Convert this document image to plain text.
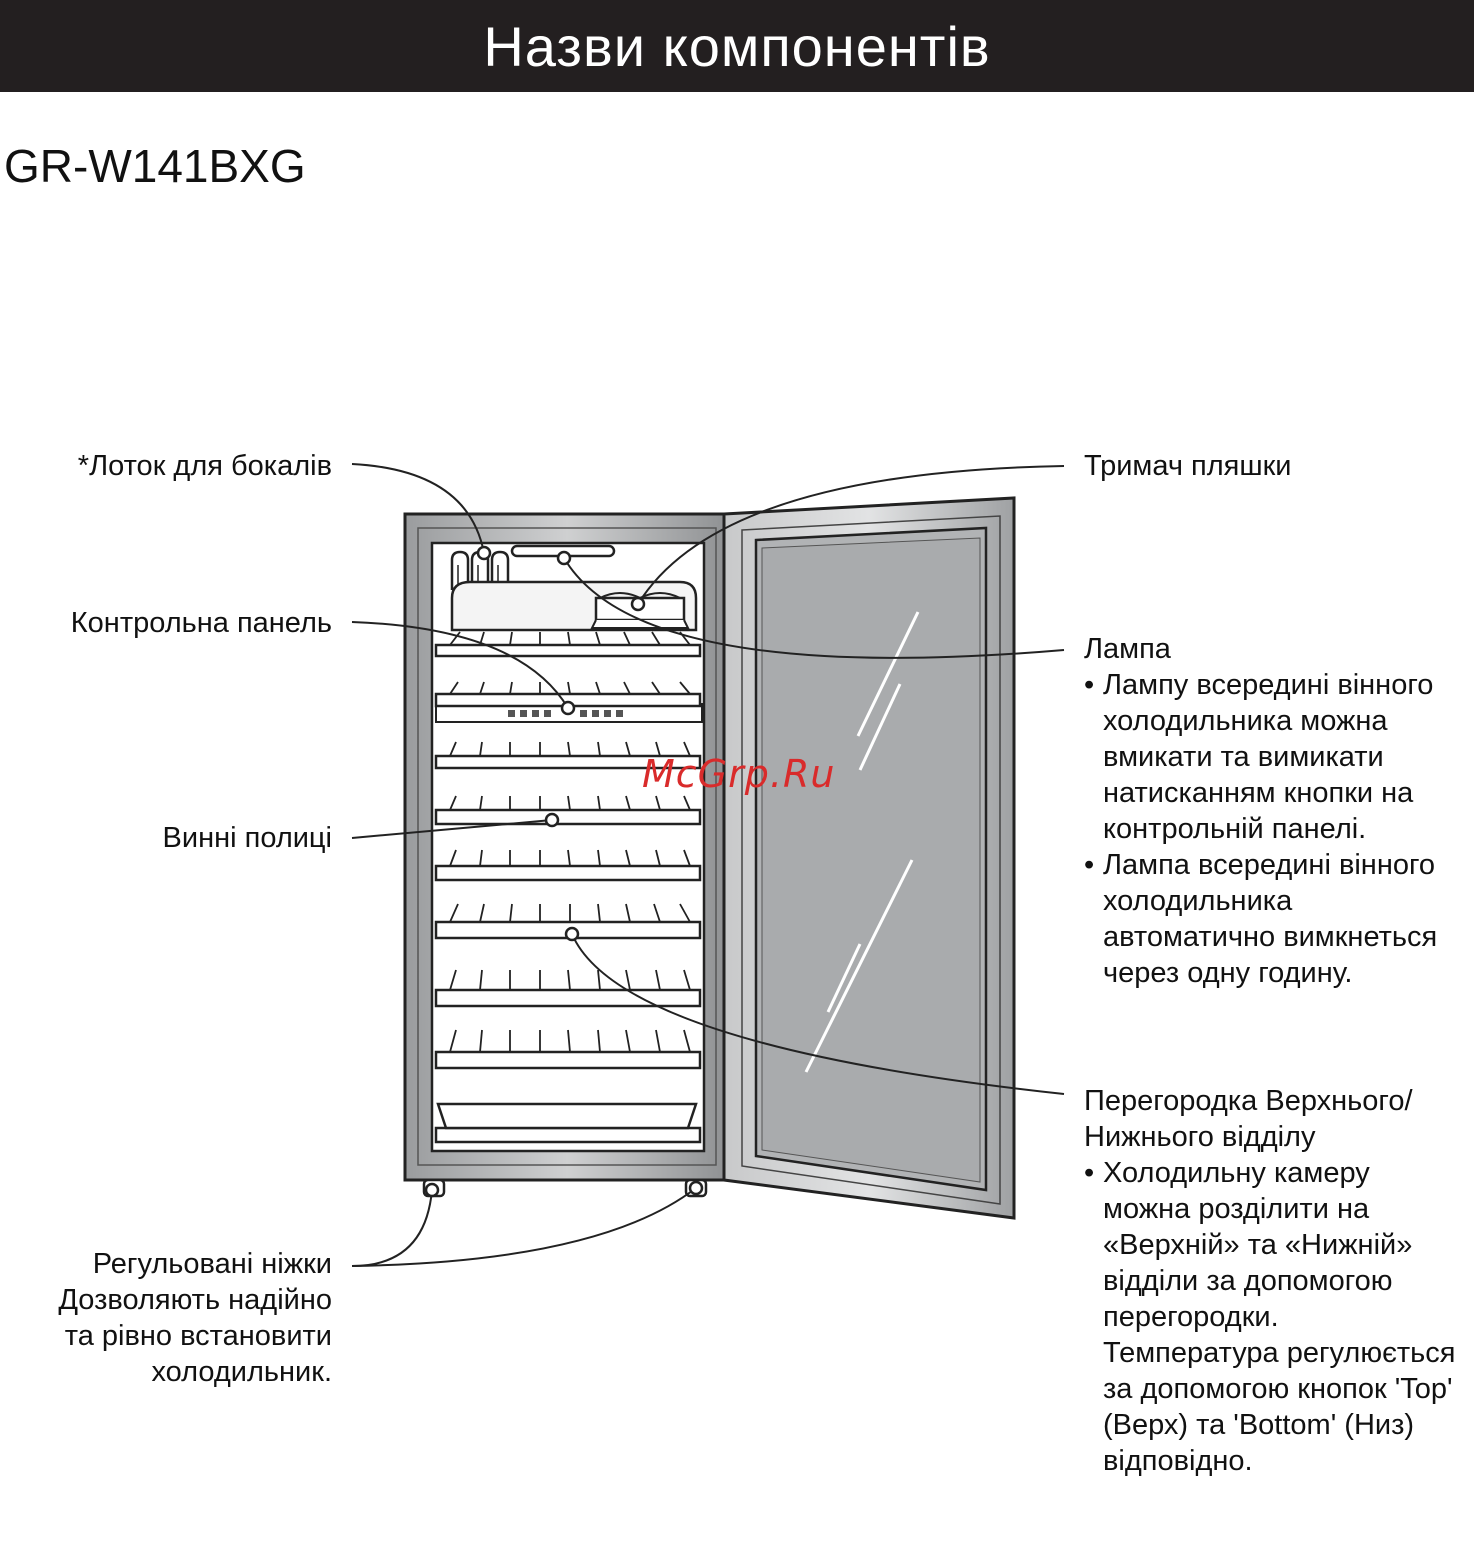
Назви компонентів
GR-W141BXG
McGrp.Ru
*Лоток для бокалів
Контрольна панель
Винні полиці
Регульовані ніжки
Дозволяють надійно
та рівно встановити
холодильник.
Тримач пляшки
Лампа
• Лампу всередині вінного холодильника можна вмикати та вимикати натисканням кнопки на контрольній панелі.
• Лампа всередині вінного холодильника автоматично вимкнеться через одну годину.
Перегородка Верхнього/Нижнього відділу
• Холодильну камеру можна розділити на «Верхній» та «Нижній» відділи за допомогою перегородки. Температура регулюється за допомогою кнопок 'Top' (Верх) та 'Bottom' (Низ) відповідно.
